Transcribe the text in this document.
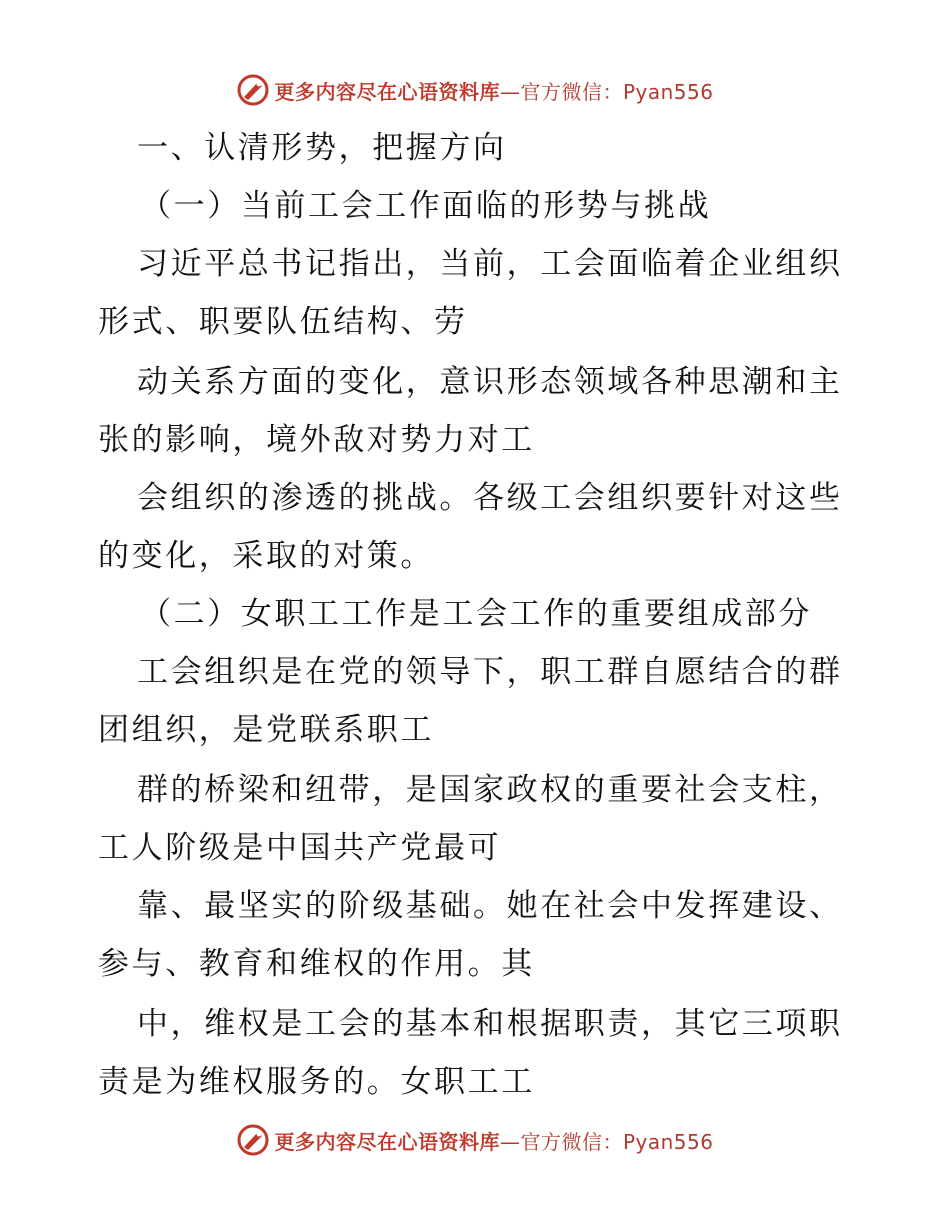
更多内容尽在心语资料库—官方微信：Pyan556
一、认清形势，把握方向
（一）当前工会工作面临的形势与挑战
习近平总书记指出，当前，工会面临着企业组织
形式、职要队伍结构、劳
动关系方面的变化，意识形态领域各种思潮和主
张的影响，境外敌对势力对工
会组织的渗透的挑战。各级工会组织要针对这些
的变化，采取的对策。
（二）女职工工作是工会工作的重要组成部分
工会组织是在党的领导下，职工群自愿结合的群
团组织，是党联系职工
群的桥梁和纽带，是国家政权的重要社会支柱，
工人阶级是中国共产党最可
靠、最坚实的阶级基础。她在社会中发挥建设、
参与、教育和维权的作用。其
中，维权是工会的基本和根据职责，其它三项职
责是为维权服务的。女职工工
更多内容尽在心语资料库—官方微信：Pyan556
